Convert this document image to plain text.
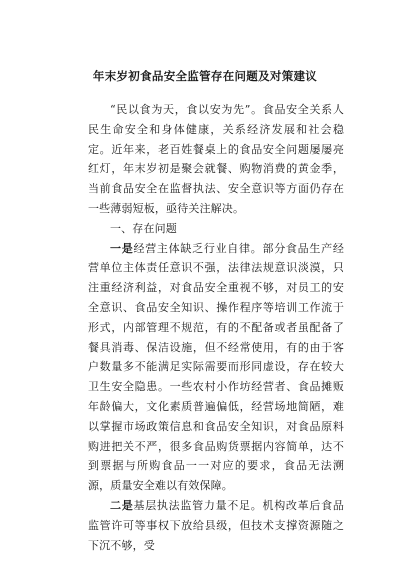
年末岁初食品安全监管存在问题及对策建议

“民以食为天，食以安为先”。食品安全关系人民生命安全和身体健康，关系经济发展和社会稳定。近年来，老百姓餐桌上的食品安全问题屡屡亮红灯，年末岁初是聚会就餐、购物消费的黄金季，当前食品安全在监督执法、安全意识等方面仍存在一些薄弱短板，亟待关注解决。

一、存在问题

一是经营主体缺乏行业自律。部分食品生产经营单位主体责任意识不强，法律法规意识淡漠，只注重经济利益，对食品安全重视不够，对员工的安全意识、食品安全知识、操作程序等培训工作流于形式，内部管理不规范，有的不配备或者虽配备了餐具消毒、保洁设施，但不经常使用，有的由于客户数量多不能满足实际需要而形同虚设，存在较大卫生安全隐患。一些农村小作坊经营者、食品摊贩年龄偏大，文化素质普遍偏低，经营场地简陋，难以掌握市场政策信息和食品安全知识，对食品原料购进把关不严，很多食品购货票据内容简单，达不到票据与所购食品一一对应的要求，食品无法溯源，质量安全难以有效保障。

二是基层执法监管力量不足。机构改革后食品监管许可等事权下放给县级，但技术支撑资源随之下沉不够，受
